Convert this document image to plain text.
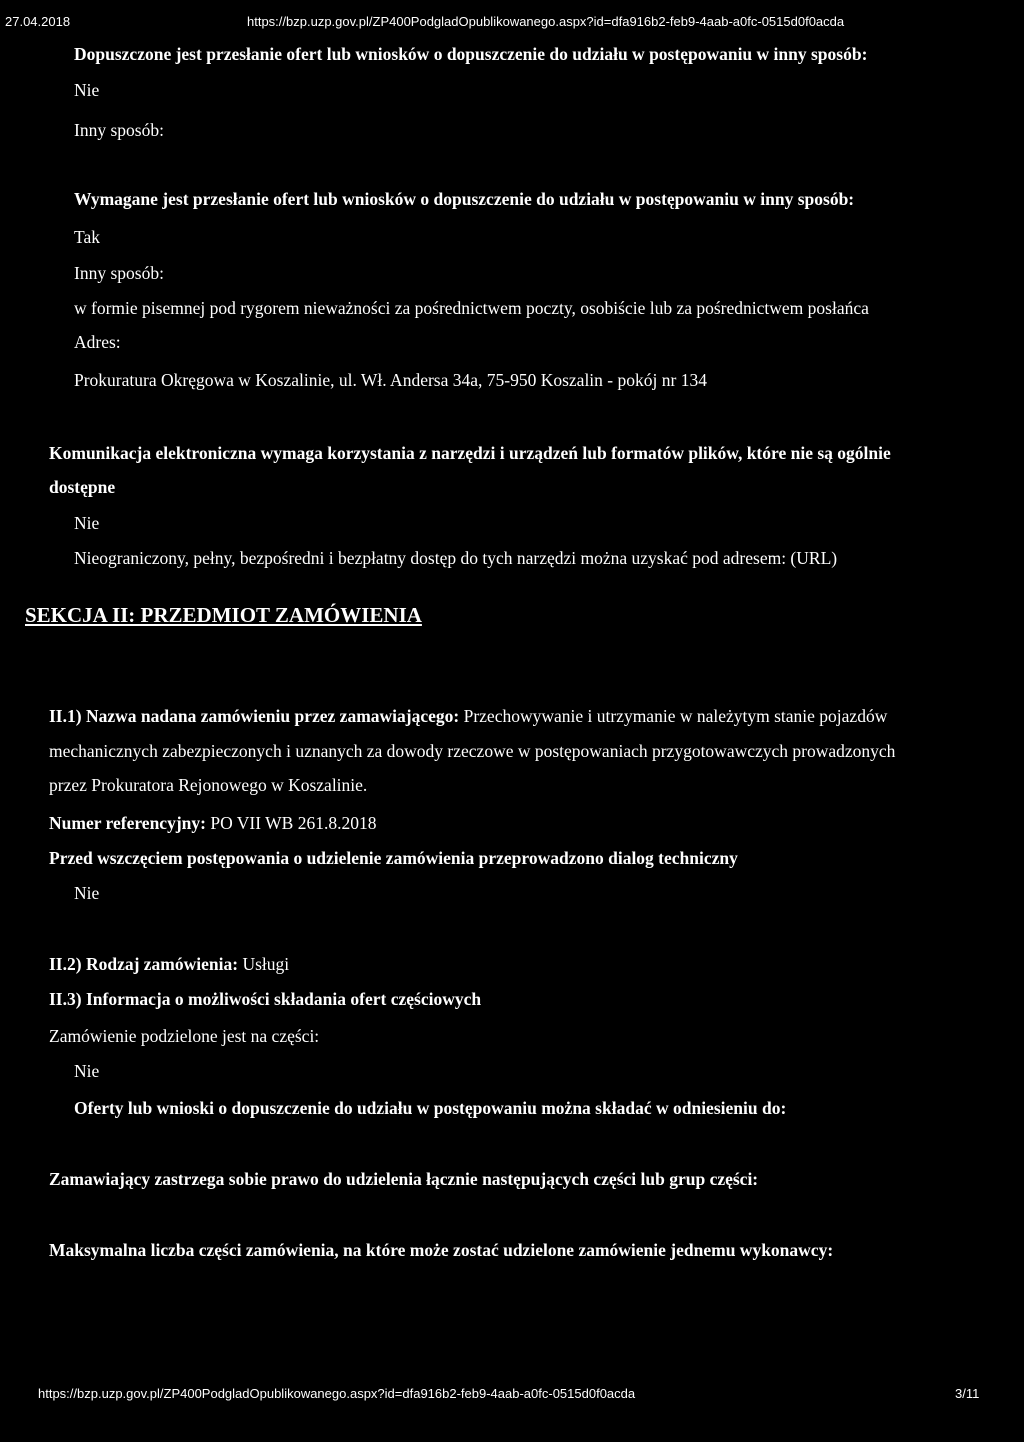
27.04.2018	https://bzp.uzp.gov.pl/ZP400PodgladOpublikowanego.aspx?id=dfa916b2-feb9-4aab-a0fc-0515d0f0acda
Dopuszczone jest przesłanie ofert lub wniosków o dopuszczenie do udziału w postępowaniu w inny sposób:
Nie
Inny sposób:
Wymagane jest przesłanie ofert lub wniosków o dopuszczenie do udziału w postępowaniu w inny sposób:
Tak
Inny sposób:
w formie pisemnej pod rygorem nieważności za pośrednictwem poczty, osobiście lub za pośrednictwem posłańca
Adres:
Prokuratura Okręgowa w Koszalinie, ul. Wł. Andersa 34a, 75-950 Koszalin - pokój nr 134
Komunikacja elektroniczna wymaga korzystania z narzędzi i urządzeń lub formatów plików, które nie są ogólnie
dostępne
Nie
Nieograniczony, pełny, bezpośredni i bezpłatny dostęp do tych narzędzi można uzyskać pod adresem: (URL)
SEKCJA II: PRZEDMIOT ZAMÓWIENIA
II.1) Nazwa nadana zamówieniu przez zamawiającego: Przechowywanie i utrzymanie w należytym stanie pojazdów
mechanicznych zabezpieczonych i uznanych za dowody rzeczowe w postępowaniach przygotowawczych prowadzonych
przez Prokuratora Rejonowego w Koszalinie.
Numer referencyjny: PO VII WB 261.8.2018
Przed wszczęciem postępowania o udzielenie zamówienia przeprowadzono dialog techniczny
Nie
II.2) Rodzaj zamówienia: Usługi
II.3) Informacja o możliwości składania ofert częściowych
Zamówienie podzielone jest na części:
Nie
Oferty lub wnioski o dopuszczenie do udziału w postępowaniu można składać w odniesieniu do:
Zamawiający zastrzega sobie prawo do udzielenia łącznie następujących części lub grup części:
Maksymalna liczba części zamówienia, na które może zostać udzielone zamówienie jednemu wykonawcy:
https://bzp.uzp.gov.pl/ZP400PodgladOpublikowanego.aspx?id=dfa916b2-feb9-4aab-a0fc-0515d0f0acda	3/11
